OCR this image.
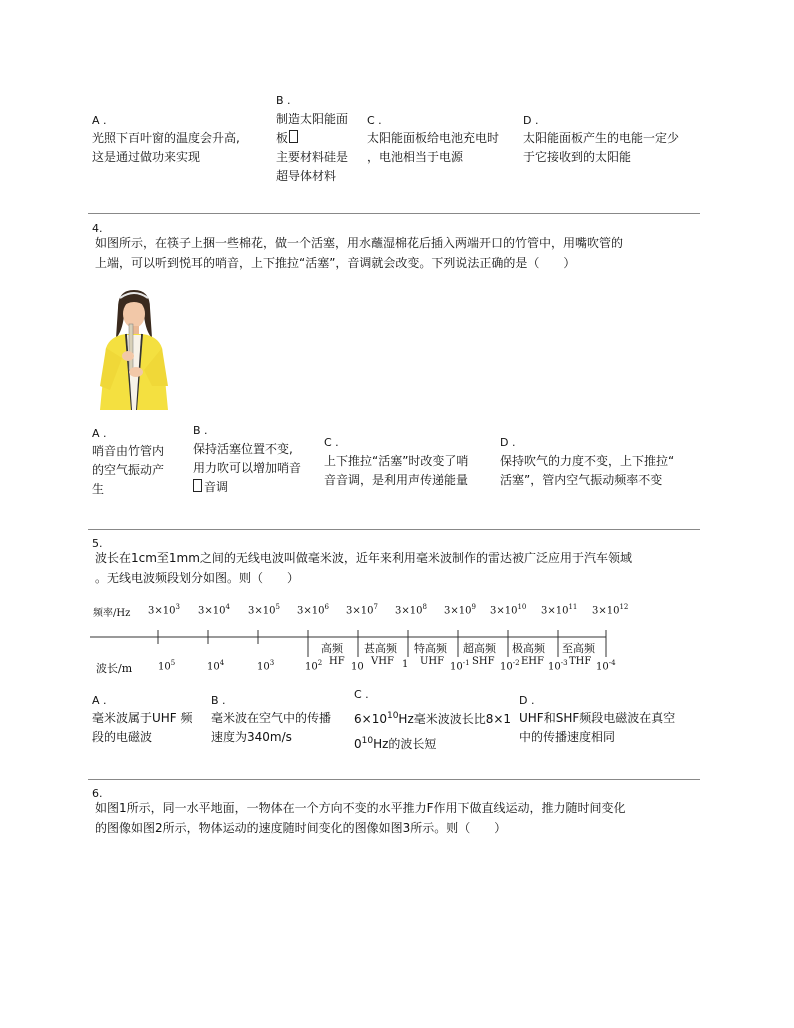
A .
光照下百叶窗的温度会升高,
这是通过做功来实现
B .
制造太阳能面
板
主要材料硅是
超导体材料
C .
太阳能面板给电池充电时
，电池相当于电源
D .
太阳能面板产生的电能一定少
于它接收到的太阳能
4.
如图所示，在筷子上捆一些棉花，做一个活塞，用水蘸湿棉花后插入两端开口的竹管中，用嘴吹管的
上端，可以听到悦耳的哨音，上下推拉“活塞”，音调就会改变。下列说法正确的是（　　）
A .
哨音由竹管内
的空气振动产
生
B .
保持活塞位置不变,
用力吹可以增加哨音
音调
C .
上下推拉“活塞”时改变了哨
音音调，是利用声传递能量
D .
保持吹气的力度不变，上下推拉“
活塞”，管内空气振动频率不变
5.
波长在1cm至1mm之间的无线电波叫做毫米波，近年来利用毫米波制作的雷达被广泛应用于汽车领域
。无线电波频段划分如图。则（　　）
频率/Hz $3\times 10^3$ $3\times 10^4$ $3\times 10^5$ $3\times 10^6$ $3\times 10^7$ $3\times 10^8$ $3\times 10^9$ $3\times 10^{10}$ $3\times 10^{11}$ $3\times 10^{12}$
高频 甚高频 特高频 超高频 极高频 至高频
波长/m	$10^5$	$10^4$	$10^3$	$10^2$ HF 10 VHF 1 UHF $10^{-1}$ SHF $10^{-2}$ EHF $10^{-3}$ THF $10^{-4}$
A .
毫米波属于UHF 频
段的电磁波
B .
毫米波在空气中的传播
速度为340m/s
C .
$6\times 10^{10}Hz$毫米波波长比8×1
$0^{10}Hz$的波长短
D .
UHF和SHF频段电磁波在真空
中的传播速度相同
6.
如图1所示，同一水平地面，一物体在一个方向不变的水平推力F作用下做直线运动，推力随时间变化
的图像如图2所示，物体运动的速度随时间变化的图像如图3所示。则（　　）
